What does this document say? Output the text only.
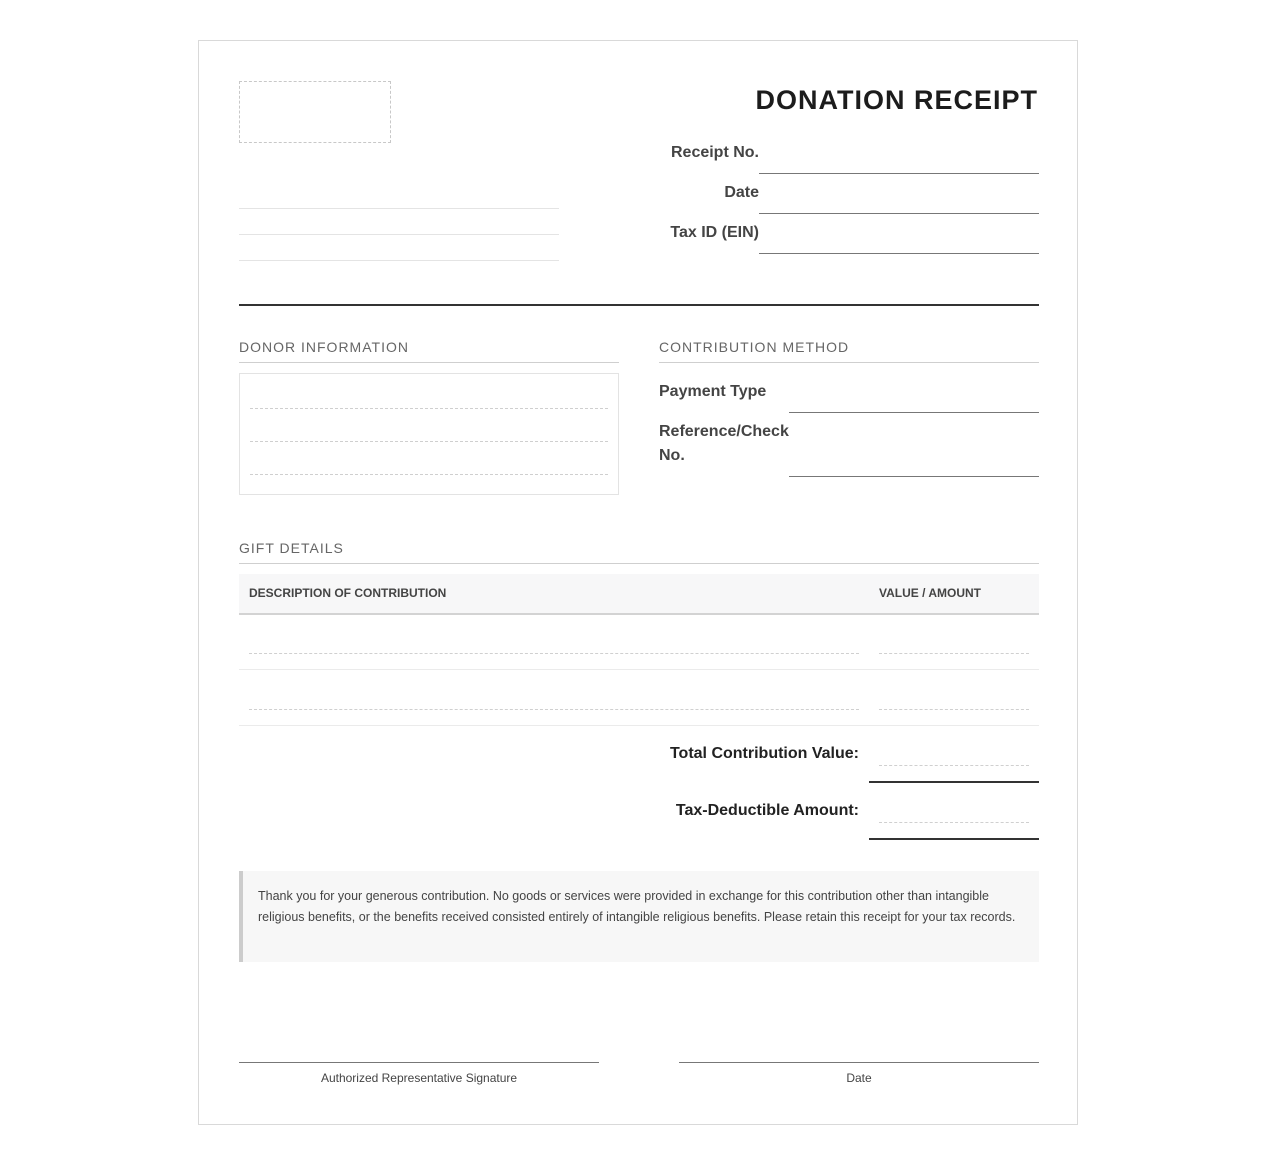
DONATION RECEIPT
Receipt No.
Date
Tax ID (EIN)
DONOR INFORMATION	CONTRIBUTION METHOD
Payment Type
Reference/Check No.
GIFT DETAILS
DESCRIPTION OF CONTRIBUTION	VALUE / AMOUNT
Total Contribution Value:
Tax-Deductible Amount:
Thank you for your generous contribution. No goods or services were provided in exchange for this contribution other than intangible religious benefits, or the benefits received consisted entirely of intangible religious benefits. Please retain this receipt for your tax records.
Authorized Representative Signature	Date
